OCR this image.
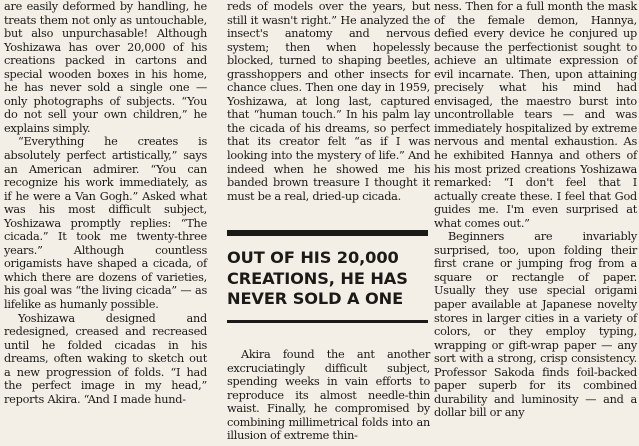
are easily deformed by handling, he treats them not only as untouchable, but also unpurchasable! Although Yoshizawa has over 20,000 of his creations packed in cartons and special wooden boxes in his home, he has never sold a single one — only photographs of subjects. “You do not sell your own children,” he explains simply.

“Everything he creates is absolutely perfect artistically,” says an American admirer. “You can recognize his work immediately, as if he were a Van Gogh.” Asked what was his most difficult subject, Yoshizawa promptly replies: “The cicada.” It took me twenty-three years.” Although countless origamists have shaped a cicada, of which there are dozens of varieties, his goal was “the living cicada” — as lifelike as humanly possible.

Yoshizawa designed and redesigned, creased and recreased until he folded cicadas in his dreams, often waking to sketch out a new progression of folds. “I had the perfect image in my head,” reports Akira. “And I made hund-

reds of models over the years, but still it wasn't right.” He analyzed the insect's anatomy and nervous system; then when hopelessly blocked, turned to shaping beetles, grasshoppers and other insects for chance clues. Then one day in 1959, Yoshizawa, at long last, captured that “human touch.” In his palm lay the cicada of his dreams, so perfect that its creator felt “as if I was looking into the mystery of life.” And indeed when he showed me his banded brown treasure I thought it must be a real, dried-up cicada.

OUT OF HIS 20,000
CREATIONS, HE HAS
NEVER SOLD A ONE

Akira found the ant another excruciatingly difficult subject, spending weeks in vain efforts to reproduce its almost needle-thin waist. Finally, he compromised by combining millimetrical folds into an illusion of extreme thin-

ness. Then for a full month the mask of the female demon, Hannya, defied every device he conjured up because the perfectionist sought to achieve an ultimate expression of evil incarnate. Then, upon attaining precisely what his mind had envisaged, the maestro burst into uncontrollable tears — and was immediately hospitalized by extreme nervous and mental exhaustion. As he exhibited Hannya and others of his most prized creations Yoshizawa remarked: “I don't feel that I actually create these. I feel that God guides me. I'm even surprised at what comes out.”

Beginners are invariably surprised, too, upon folding their first crane or jumping frog from a square or rectangle of paper. Usually they use special origami paper available at Japanese novelty stores in larger cities in a variety of colors, or they employ typing, wrapping or gift-wrap paper — any sort with a strong, crisp consistency. Professor Sakoda finds foil-backed paper superb for its combined durability and luminosity — and a dollar bill or any
